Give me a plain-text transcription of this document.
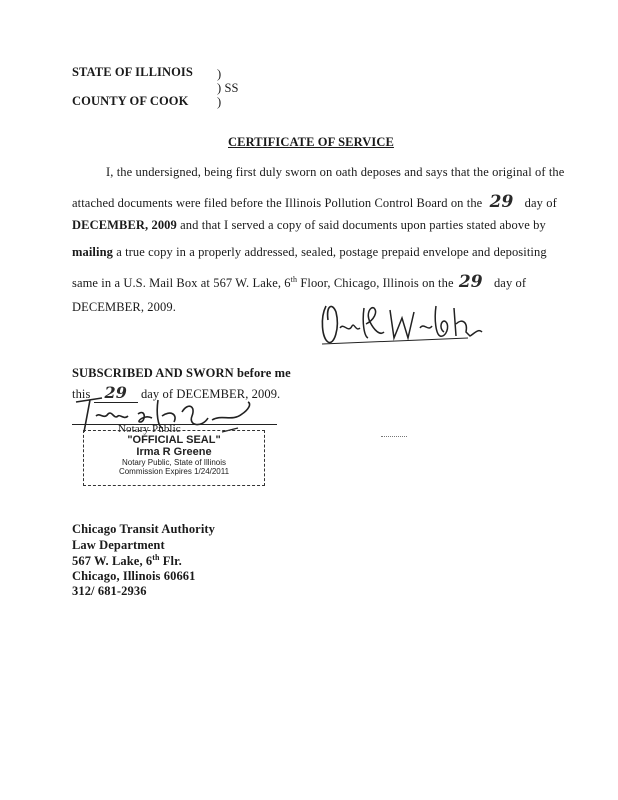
STATE OF ILLINOIS )
) SS
COUNTY OF COOK )
CERTIFICATE OF SERVICE
I, the undersigned, being first duly sworn on oath deposes and says that the original of the
attached documents were filed before the Illinois Pollution Control Board on the 29 day of
DECEMBER, 2009 and that I served a copy of said documents upon parties stated above by
mailing a true copy in a properly addressed, sealed, postage prepaid envelope and depositing
same in a U.S. Mail Box at 567 W. Lake, 6th Floor, Chicago, Illinois on the 29 day of
DECEMBER, 2009.
SUBSCRIBED AND SWORN before me
this 29 day of DECEMBER, 2009.
Notary Public
"OFFICIAL SEAL"
Irma R Greene
Notary Public, State of Illinois
Commission Expires 1/24/2011
Chicago Transit Authority
Law Department
567 W. Lake, 6th Flr.
Chicago, Illinois 60661
312/ 681-2936
